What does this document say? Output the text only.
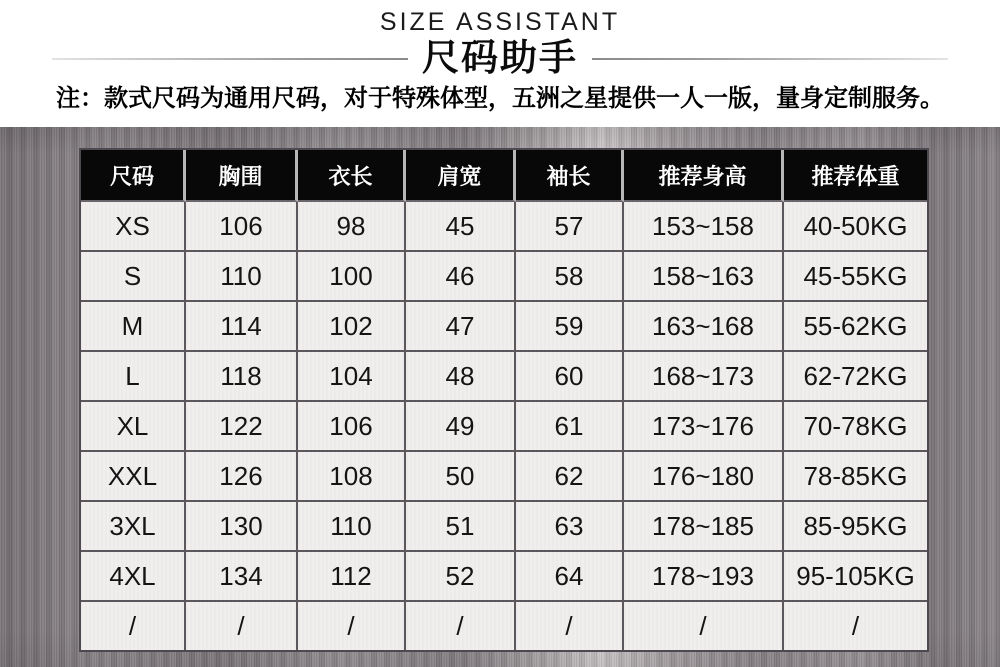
SIZE ASSISTANT
尺码助手
注：款式尺码为通用尺码，对于特殊体型，五洲之星提供一人一版，量身定制服务。
尺码	胸围	衣长	肩宽	袖长	推荐身高	推荐体重
XS	106	98	45	57	153~158	40-50KG
S	110	100	46	58	158~163	45-55KG
M	114	102	47	59	163~168	55-62KG
L	118	104	48	60	168~173	62-72KG
XL	122	106	49	61	173~176	70-78KG
XXL	126	108	50	62	176~180	78-85KG
3XL	130	110	51	63	178~185	85-95KG
4XL	134	112	52	64	178~193	95-105KG
/	/	/	/	/	/	/
